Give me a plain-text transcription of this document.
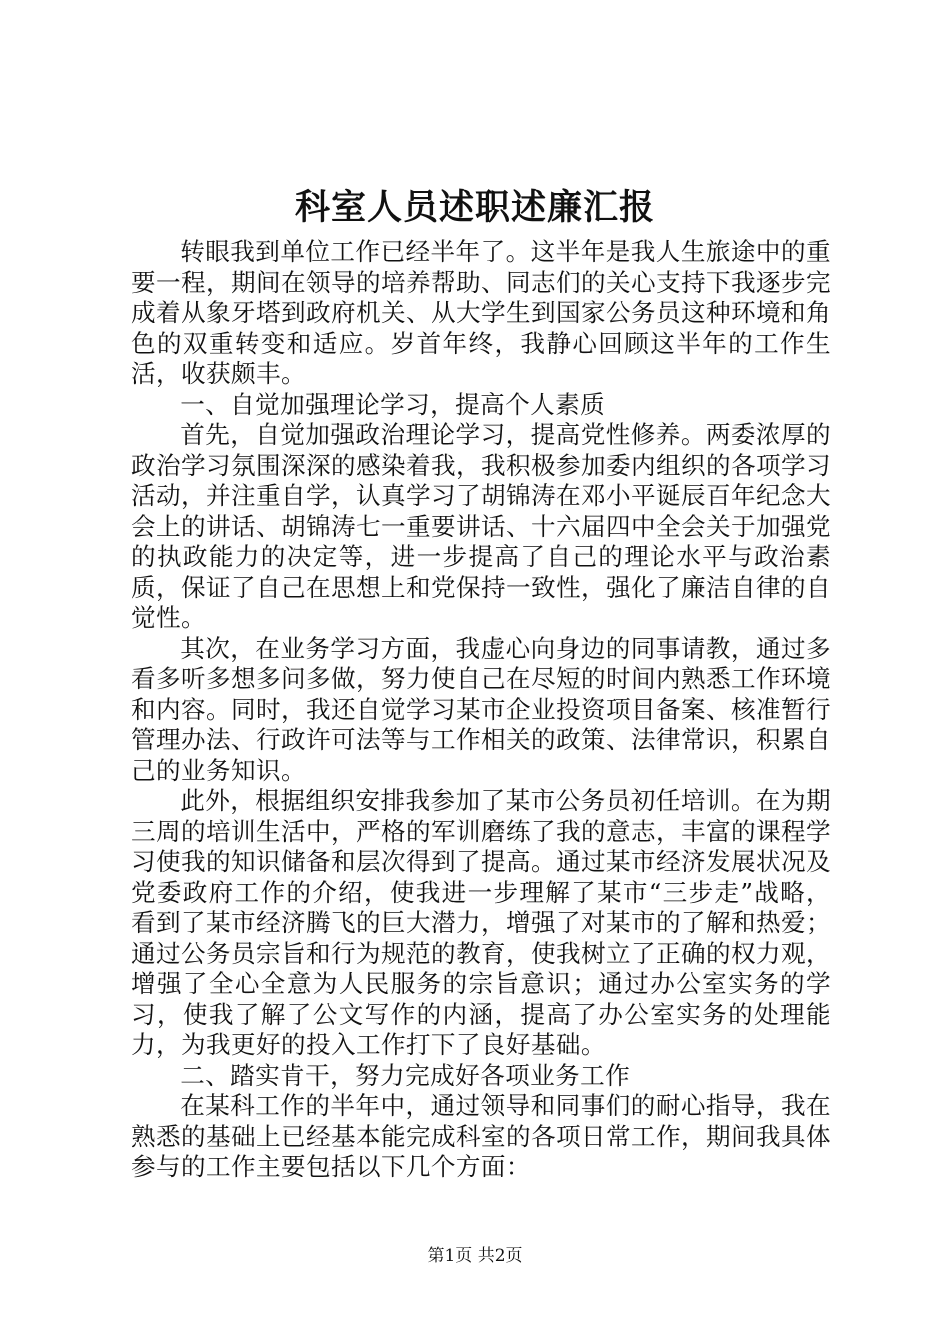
科室人员述职述廉汇报

转眼我到单位工作已经半年了。这半年是我人生旅途中的重要一程，期间在领导的培养帮助、同志们的关心支持下我逐步完成着从象牙塔到政府机关、从大学生到国家公务员这种环境和角色的双重转变和适应。岁首年终，我静心回顾这半年的工作生活，收获颇丰。

一、自觉加强理论学习，提高个人素质

首先，自觉加强政治理论学习，提高党性修养。两委浓厚的政治学习氛围深深的感染着我，我积极参加委内组织的各项学习活动，并注重自学，认真学习了胡锦涛在邓小平诞辰百年纪念大会上的讲话、胡锦涛七一重要讲话、十六届四中全会关于加强党的执政能力的决定等，进一步提高了自己的理论水平与政治素质，保证了自己在思想上和党保持一致性，强化了廉洁自律的自觉性。

其次，在业务学习方面，我虚心向身边的同事请教，通过多看多听多想多问多做，努力使自己在尽短的时间内熟悉工作环境和内容。同时，我还自觉学习某市企业投资项目备案、核准暂行管理办法、行政许可法等与工作相关的政策、法律常识，积累自己的业务知识。

此外，根据组织安排我参加了某市公务员初任培训。在为期三周的培训生活中，严格的军训磨练了我的意志，丰富的课程学习使我的知识储备和层次得到了提高。通过某市经济发展状况及党委政府工作的介绍，使我进一步理解了某市“三步走”战略，看到了某市经济腾飞的巨大潜力，增强了对某市的了解和热爱；通过公务员宗旨和行为规范的教育，使我树立了正确的权力观，增强了全心全意为人民服务的宗旨意识；通过办公室实务的学习，使我了解了公文写作的内涵，提高了办公室实务的处理能力，为我更好的投入工作打下了良好基础。

二、踏实肯干，努力完成好各项业务工作

在某科工作的半年中，通过领导和同事们的耐心指导，我在熟悉的基础上已经基本能完成科室的各项日常工作，期间我具体参与的工作主要包括以下几个方面：

第1页 共2页
